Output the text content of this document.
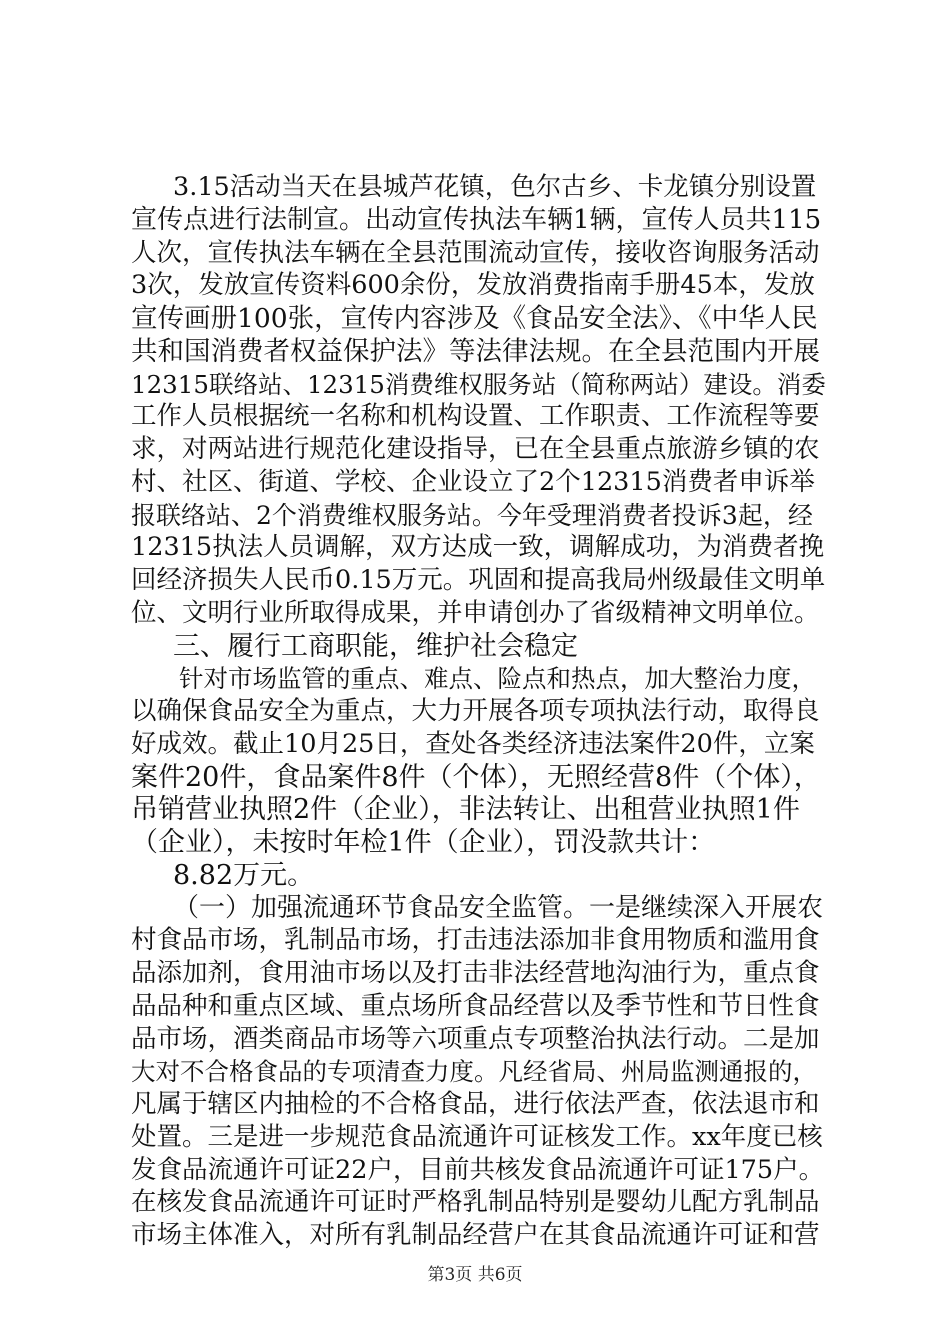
3.15活动当天在县城芦花镇，色尔古乡、卡龙镇分别设置
宣传点进行法制宣。出动宣传执法车辆1辆，宣传人员共115
人次，宣传执法车辆在全县范围流动宣传，接收咨询服务活动
3次，发放宣传资料600余份，发放消费指南手册45本，发放
宣传画册100张，宣传内容涉及《食品安全法》、《中华人民
共和国消费者权益保护法》等法律法规。在全县范围内开展
12315联络站、12315消费维权服务站（简称两站）建设。消委
工作人员根据统一名称和机构设置、工作职责、工作流程等要
求，对两站进行规范化建设指导，已在全县重点旅游乡镇的农
村、社区、街道、学校、企业设立了2个12315消费者申诉举
报联络站、2个消费维权服务站。今年受理消费者投诉3起，经
12315执法人员调解，双方达成一致，调解成功，为消费者挽
回经济损失人民币0.15万元。巩固和提高我局州级最佳文明单
位、文明行业所取得成果，并申请创办了省级精神文明单位。
三、履行工商职能，维护社会稳定
针对市场监管的重点、难点、险点和热点，加大整治力度，
以确保食品安全为重点，大力开展各项专项执法行动，取得良
好成效。截止10月25日，查处各类经济违法案件20件，立案
案件20件，食品案件8件（个体），无照经营8件（个体），
吊销营业执照2件（企业），非法转让、出租营业执照1件
（企业），未按时年检1件（企业），罚没款共计：
8.82万元。
（一）加强流通环节食品安全监管。一是继续深入开展农
村食品市场，乳制品市场，打击违法添加非食用物质和滥用食
品添加剂，食用油市场以及打击非法经营地沟油行为，重点食
品品种和重点区域、重点场所食品经营以及季节性和节日性食
品市场，酒类商品市场等六项重点专项整治执法行动。二是加
大对不合格食品的专项清查力度。凡经省局、州局监测通报的，
凡属于辖区内抽检的不合格食品，进行依法严查，依法退市和
处置。三是进一步规范食品流通许可证核发工作。xx年度已核
发食品流通许可证22户，目前共核发食品流通许可证175户。
在核发食品流通许可证时严格乳制品特别是婴幼儿配方乳制品
市场主体准入，对所有乳制品经营户在其食品流通许可证和营
第3页 共6页
